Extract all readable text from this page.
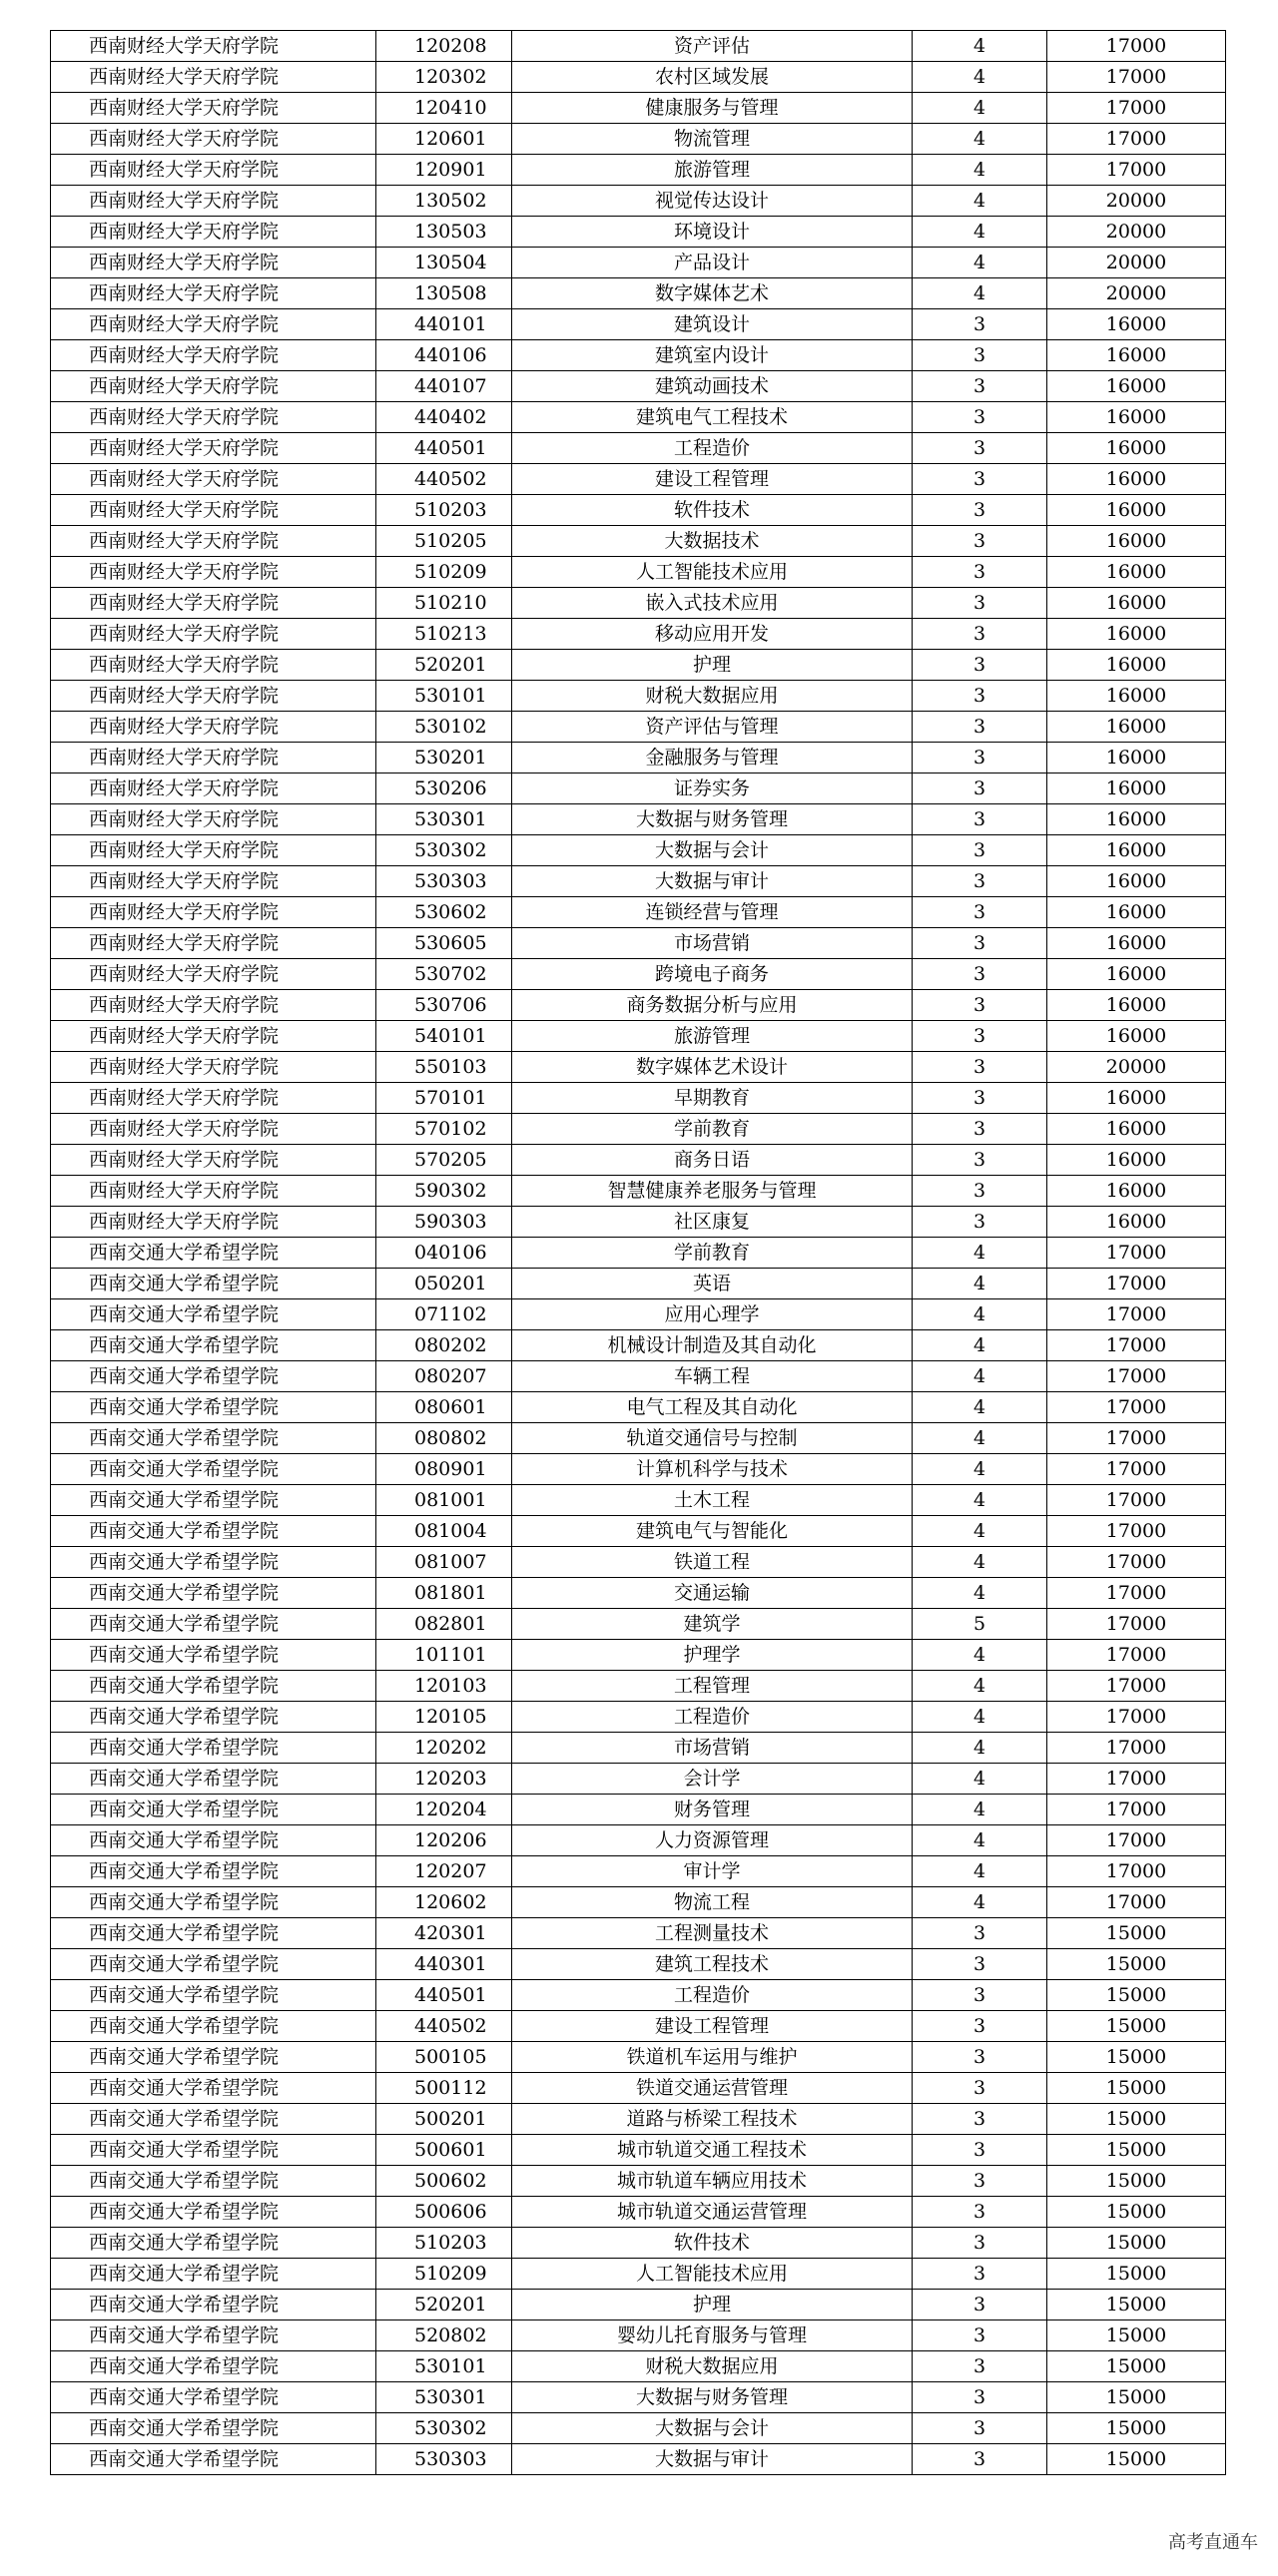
西南财经大学天府学院	120208	资产评估	4	17000
西南财经大学天府学院	120302	农村区域发展	4	17000
西南财经大学天府学院	120410	健康服务与管理	4	17000
西南财经大学天府学院	120601	物流管理	4	17000
西南财经大学天府学院	120901	旅游管理	4	17000
西南财经大学天府学院	130502	视觉传达设计	4	20000
西南财经大学天府学院	130503	环境设计	4	20000
西南财经大学天府学院	130504	产品设计	4	20000
西南财经大学天府学院	130508	数字媒体艺术	4	20000
西南财经大学天府学院	440101	建筑设计	3	16000
西南财经大学天府学院	440106	建筑室内设计	3	16000
西南财经大学天府学院	440107	建筑动画技术	3	16000
西南财经大学天府学院	440402	建筑电气工程技术	3	16000
西南财经大学天府学院	440501	工程造价	3	16000
西南财经大学天府学院	440502	建设工程管理	3	16000
西南财经大学天府学院	510203	软件技术	3	16000
西南财经大学天府学院	510205	大数据技术	3	16000
西南财经大学天府学院	510209	人工智能技术应用	3	16000
西南财经大学天府学院	510210	嵌入式技术应用	3	16000
西南财经大学天府学院	510213	移动应用开发	3	16000
西南财经大学天府学院	520201	护理	3	16000
西南财经大学天府学院	530101	财税大数据应用	3	16000
西南财经大学天府学院	530102	资产评估与管理	3	16000
西南财经大学天府学院	530201	金融服务与管理	3	16000
西南财经大学天府学院	530206	证券实务	3	16000
西南财经大学天府学院	530301	大数据与财务管理	3	16000
西南财经大学天府学院	530302	大数据与会计	3	16000
西南财经大学天府学院	530303	大数据与审计	3	16000
西南财经大学天府学院	530602	连锁经营与管理	3	16000
西南财经大学天府学院	530605	市场营销	3	16000
西南财经大学天府学院	530702	跨境电子商务	3	16000
西南财经大学天府学院	530706	商务数据分析与应用	3	16000
西南财经大学天府学院	540101	旅游管理	3	16000
西南财经大学天府学院	550103	数字媒体艺术设计	3	20000
西南财经大学天府学院	570101	早期教育	3	16000
西南财经大学天府学院	570102	学前教育	3	16000
西南财经大学天府学院	570205	商务日语	3	16000
西南财经大学天府学院	590302	智慧健康养老服务与管理	3	16000
西南财经大学天府学院	590303	社区康复	3	16000
西南交通大学希望学院	040106	学前教育	4	17000
西南交通大学希望学院	050201	英语	4	17000
西南交通大学希望学院	071102	应用心理学	4	17000
西南交通大学希望学院	080202	机械设计制造及其自动化	4	17000
西南交通大学希望学院	080207	车辆工程	4	17000
西南交通大学希望学院	080601	电气工程及其自动化	4	17000
西南交通大学希望学院	080802	轨道交通信号与控制	4	17000
西南交通大学希望学院	080901	计算机科学与技术	4	17000
西南交通大学希望学院	081001	土木工程	4	17000
西南交通大学希望学院	081004	建筑电气与智能化	4	17000
西南交通大学希望学院	081007	铁道工程	4	17000
西南交通大学希望学院	081801	交通运输	4	17000
西南交通大学希望学院	082801	建筑学	5	17000
西南交通大学希望学院	101101	护理学	4	17000
西南交通大学希望学院	120103	工程管理	4	17000
西南交通大学希望学院	120105	工程造价	4	17000
西南交通大学希望学院	120202	市场营销	4	17000
西南交通大学希望学院	120203	会计学	4	17000
西南交通大学希望学院	120204	财务管理	4	17000
西南交通大学希望学院	120206	人力资源管理	4	17000
西南交通大学希望学院	120207	审计学	4	17000
西南交通大学希望学院	120602	物流工程	4	17000
西南交通大学希望学院	420301	工程测量技术	3	15000
西南交通大学希望学院	440301	建筑工程技术	3	15000
西南交通大学希望学院	440501	工程造价	3	15000
西南交通大学希望学院	440502	建设工程管理	3	15000
西南交通大学希望学院	500105	铁道机车运用与维护	3	15000
西南交通大学希望学院	500112	铁道交通运营管理	3	15000
西南交通大学希望学院	500201	道路与桥梁工程技术	3	15000
西南交通大学希望学院	500601	城市轨道交通工程技术	3	15000
西南交通大学希望学院	500602	城市轨道车辆应用技术	3	15000
西南交通大学希望学院	500606	城市轨道交通运营管理	3	15000
西南交通大学希望学院	510203	软件技术	3	15000
西南交通大学希望学院	510209	人工智能技术应用	3	15000
西南交通大学希望学院	520201	护理	3	15000
西南交通大学希望学院	520802	婴幼儿托育服务与管理	3	15000
西南交通大学希望学院	530101	财税大数据应用	3	15000
西南交通大学希望学院	530301	大数据与财务管理	3	15000
西南交通大学希望学院	530302	大数据与会计	3	15000
西南交通大学希望学院	530303	大数据与审计	3	15000
高考直通车
